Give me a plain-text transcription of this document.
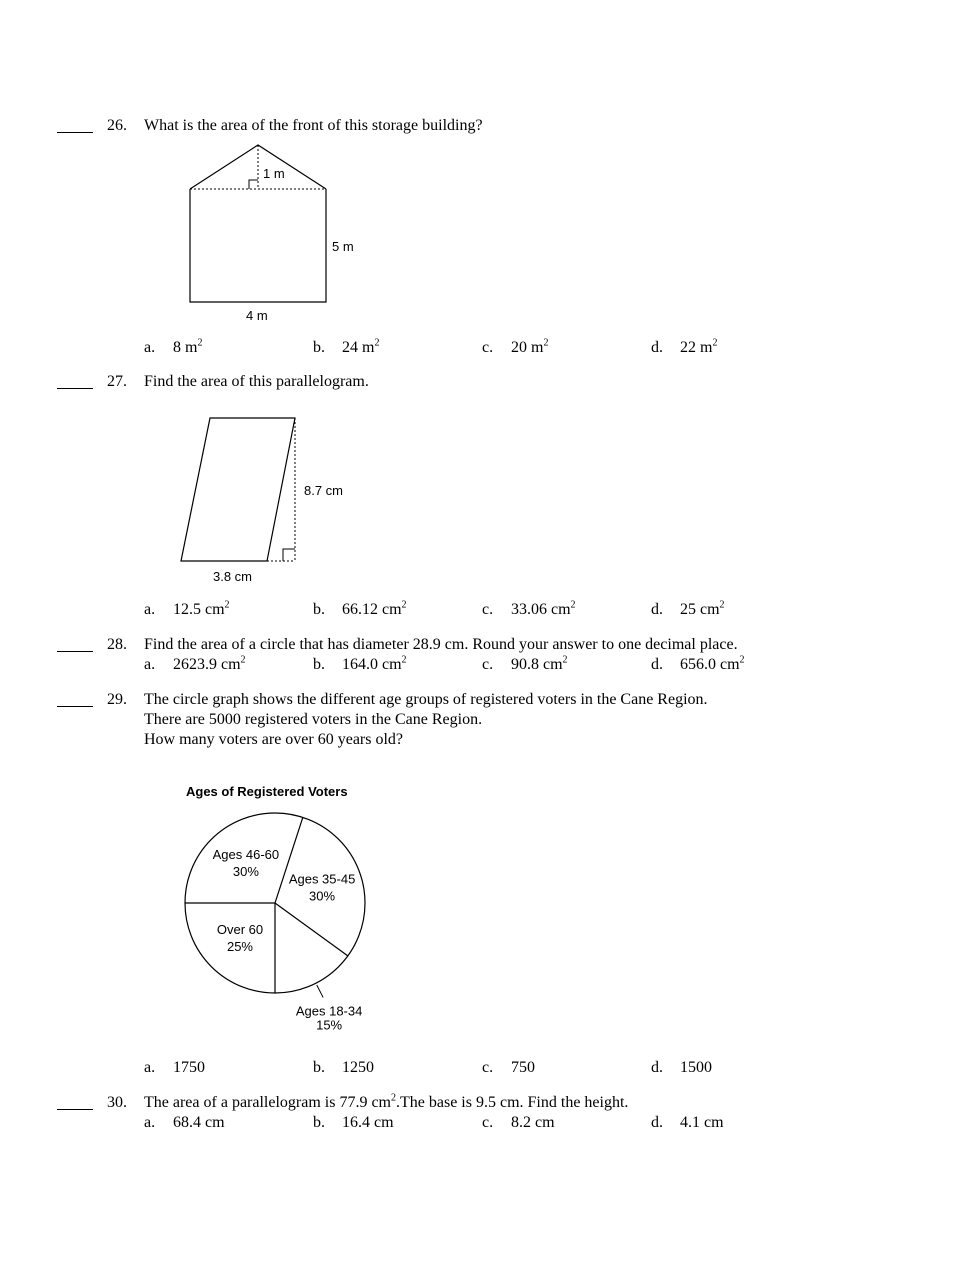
26. What is the area of the front of this storage building?
1 m
5 m
4 m
a. 8 $m^2$	b. 24 $m^2$	c. 20 $m^2$	d. 22 $m^2$
27. Find the area of this parallelogram.
8.7 cm
3.8 cm
a. 12.5 $cm^2$	b. 66.12 $cm^2$	c. 33.06 $cm^2$	d. 25 $cm^2$
28. Find the area of a circle that has diameter 28.9 cm. Round your answer to one decimal place.
a. 2623.9 $cm^2$	b. 164.0 $cm^2$	c. 90.8 $cm^2$	d. 656.0 $cm^2$
29. The circle graph shows the different age groups of registered voters in the Cane Region.
There are 5000 registered voters in the Cane Region.
How many voters are over 60 years old?
Ages of Registered Voters
Ages 35-45
30%
Ages 18-34
15%
Over 60
25%
Ages 46-60
30%
a. 1750	b. 1250	c. 750	d. 1500
30. The area of a parallelogram is 77.9 $cm^2.The$ base is 9.5 cm. Find the height.
a. 68.4 cm	b. 16.4 cm	c. 8.2 cm	d. 4.1 cm
